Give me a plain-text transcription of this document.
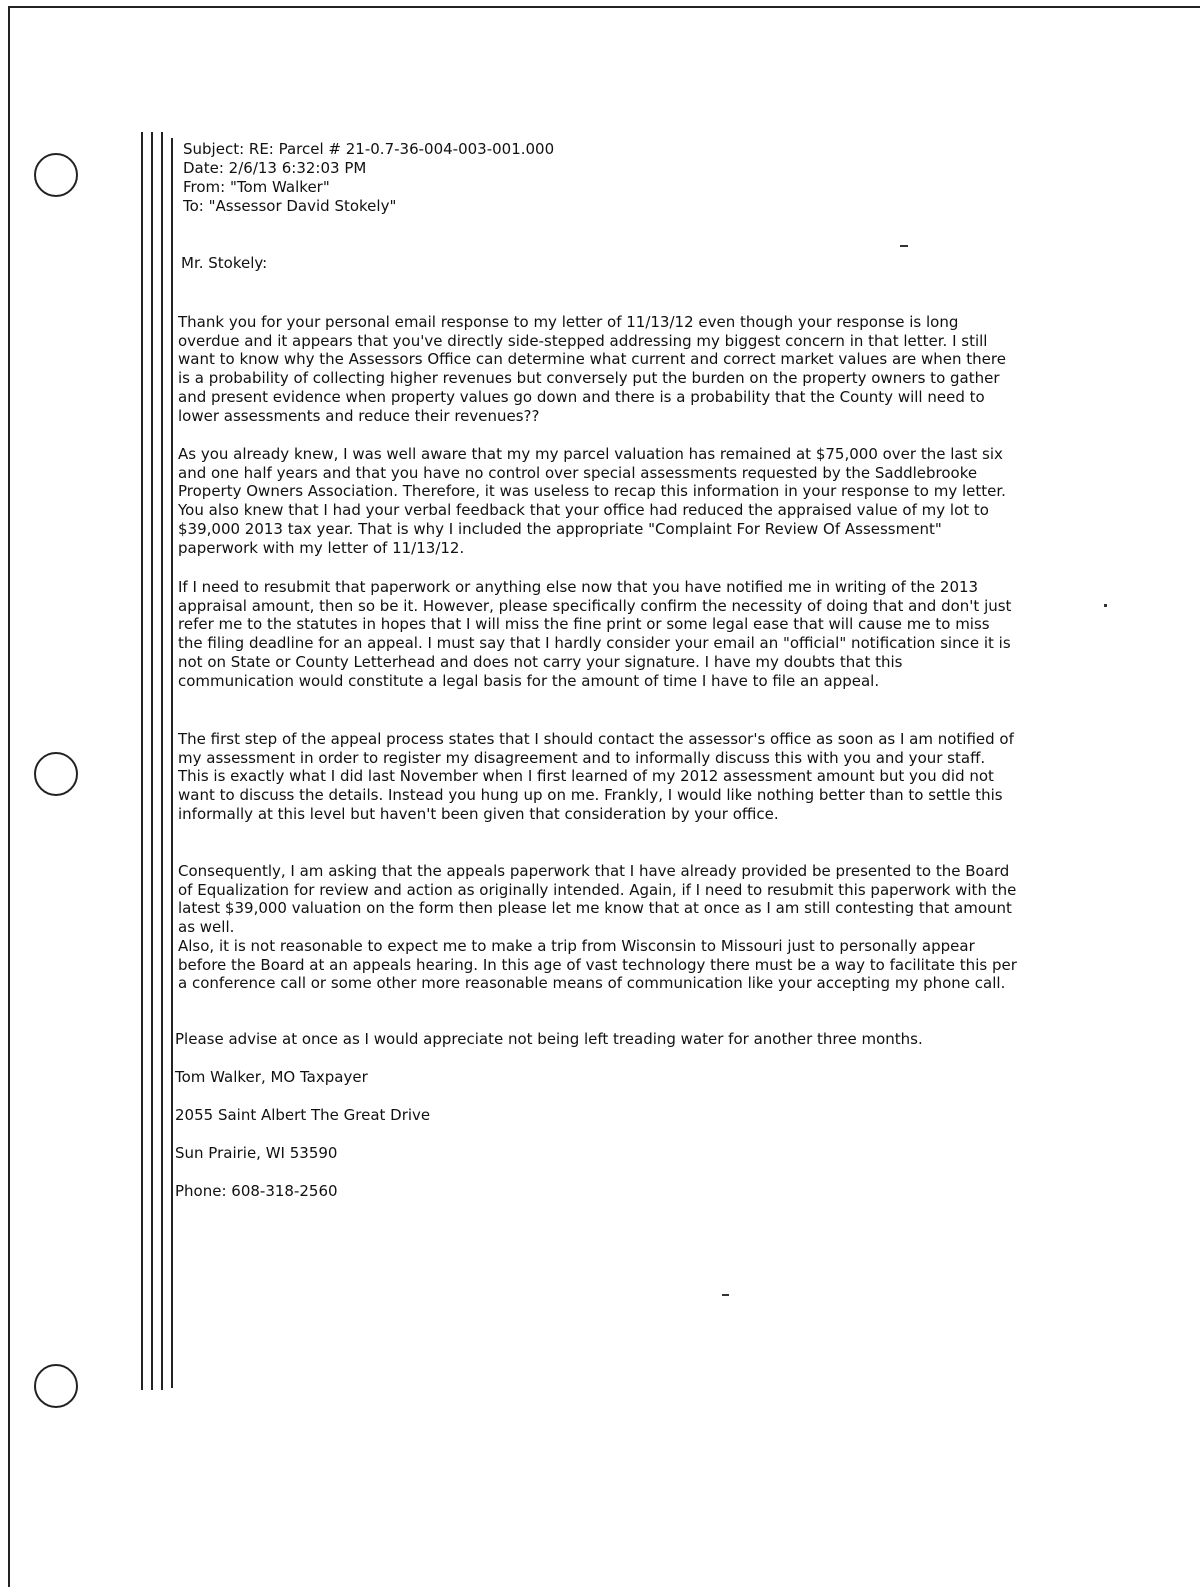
Subject: RE: Parcel # 21-0.7-36-004-003-001.000
Date: 2/6/13 6:32:03 PM
From: "Tom Walker"
To: "Assessor David Stokely"
Mr. Stokely:
Thank you for your personal email response to my letter of 11/13/12 even though your response is long
overdue and it appears that you've directly side-stepped addressing my biggest concern in that letter. I still
want to know why the Assessors Office can determine what current and correct market values are when there
is a probability of collecting higher revenues but conversely put the burden on the property owners to gather
and present evidence when property values go down and there is a probability that the County will need to
lower assessments and reduce their revenues??
As you already knew, I was well aware that my my parcel valuation has remained at $75,000 over the last six
and one half years and that you have no control over special assessments requested by the Saddlebrooke
Property Owners Association. Therefore, it was useless to recap this information in your response to my letter.
You also knew that I had your verbal feedback that your office had reduced the appraised value of my lot to
$39,000 2013 tax year. That is why I included the appropriate "Complaint For Review Of Assessment"
paperwork with my letter of 11/13/12.
If I need to resubmit that paperwork or anything else now that you have notified me in writing of the 2013
appraisal amount, then so be it. However, please specifically confirm the necessity of doing that and don't just
refer me to the statutes in hopes that I will miss the fine print or some legal ease that will cause me to miss
the filing deadline for an appeal. I must say that I hardly consider your email an "official" notification since it is
not on State or County Letterhead and does not carry your signature. I have my doubts that this
communication would constitute a legal basis for the amount of time I have to file an appeal.
The first step of the appeal process states that I should contact the assessor's office as soon as I am notified of
my assessment in order to register my disagreement and to informally discuss this with you and your staff.
This is exactly what I did last November when I first learned of my 2012 assessment amount but you did not
want to discuss the details. Instead you hung up on me. Frankly, I would like nothing better than to settle this
informally at this level but haven't been given that consideration by your office.
Consequently, I am asking that the appeals paperwork that I have already provided be presented to the Board
of Equalization for review and action as originally intended. Again, if I need to resubmit this paperwork with the
latest $39,000 valuation on the form then please let me know that at once as I am still contesting that amount
as well.
Also, it is not reasonable to expect me to make a trip from Wisconsin to Missouri just to personally appear
before the Board at an appeals hearing. In this age of vast technology there must be a way to facilitate this per
a conference call or some other more reasonable means of communication like your accepting my phone call.
Please advise at once as I would appreciate not being left treading water for another three months.
Tom Walker, MO Taxpayer
2055 Saint Albert The Great Drive
Sun Prairie, WI 53590
Phone: 608-318-2560
